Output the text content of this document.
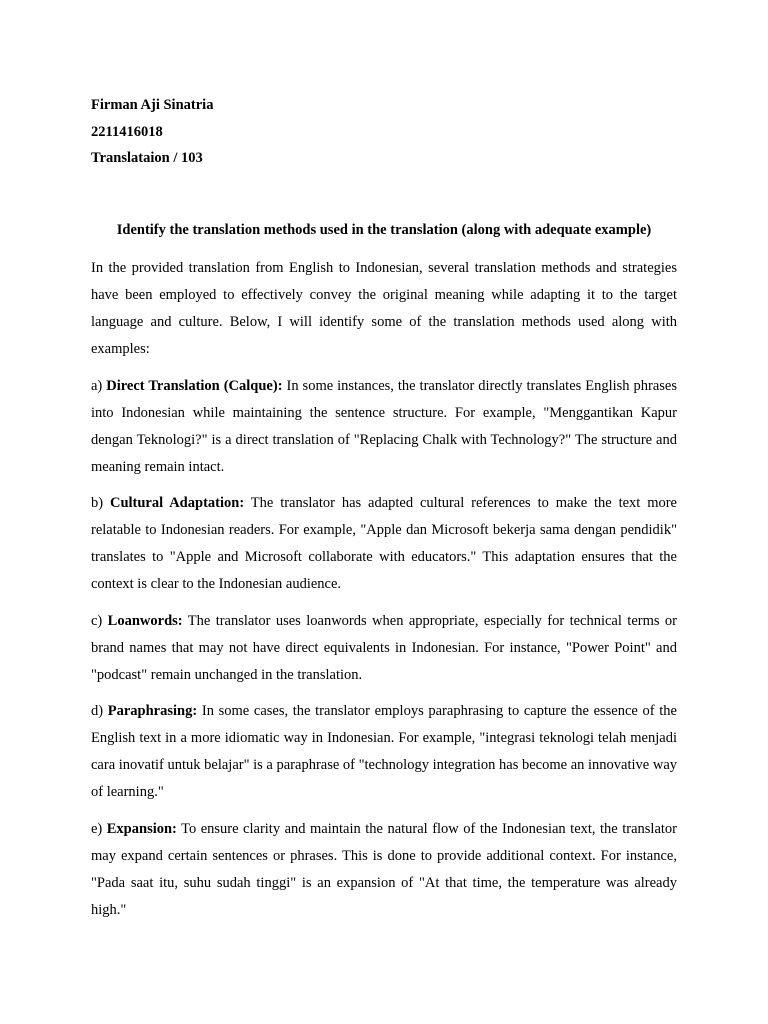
Firman Aji Sinatria

2211416018

Translataion / 103

Identify the translation methods used in the translation (along with adequate example)

In the provided translation from English to Indonesian, several translation methods and strategies have been employed to effectively convey the original meaning while adapting it to the target language and culture. Below, I will identify some of the translation methods used along with examples:

a) Direct Translation (Calque): In some instances, the translator directly translates English phrases into Indonesian while maintaining the sentence structure. For example, "Menggantikan Kapur dengan Teknologi?" is a direct translation of "Replacing Chalk with Technology?" The structure and meaning remain intact.

b) Cultural Adaptation: The translator has adapted cultural references to make the text more relatable to Indonesian readers. For example, "Apple dan Microsoft bekerja sama dengan pendidik" translates to "Apple and Microsoft collaborate with educators." This adaptation ensures that the context is clear to the Indonesian audience.

c) Loanwords: The translator uses loanwords when appropriate, especially for technical terms or brand names that may not have direct equivalents in Indonesian. For instance, "Power Point" and "podcast" remain unchanged in the translation.

d) Paraphrasing: In some cases, the translator employs paraphrasing to capture the essence of the English text in a more idiomatic way in Indonesian. For example, "integrasi teknologi telah menjadi cara inovatif untuk belajar" is a paraphrase of "technology integration has become an innovative way of learning."

e) Expansion: To ensure clarity and maintain the natural flow of the Indonesian text, the translator may expand certain sentences or phrases. This is done to provide additional context. For instance, "Pada saat itu, suhu sudah tinggi" is an expansion of "At that time, the temperature was already high."
